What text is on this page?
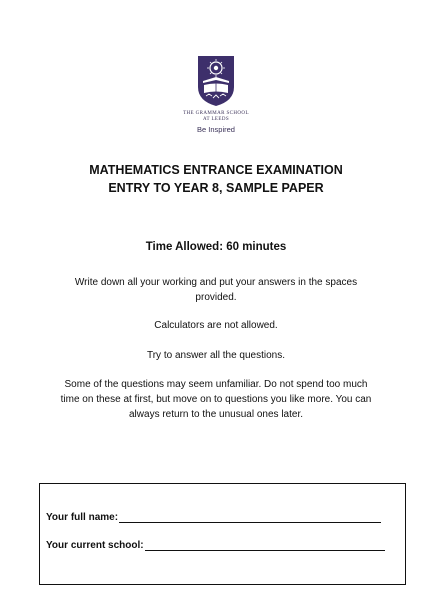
THE GRAMMAR SCHOOL
AT LEEDS
Be Inspired
MATHEMATICS ENTRANCE EXAMINATION
ENTRY TO YEAR 8, SAMPLE PAPER
Time Allowed: 60 minutes
Write down all your working and put your answers in the spaces provided.
Calculators are not allowed.
Try to answer all the questions.
Some of the questions may seem unfamiliar. Do not spend too much time on these at first, but move on to questions you like more. You can always return to the unusual ones later.
Your full name:
Your current school:
